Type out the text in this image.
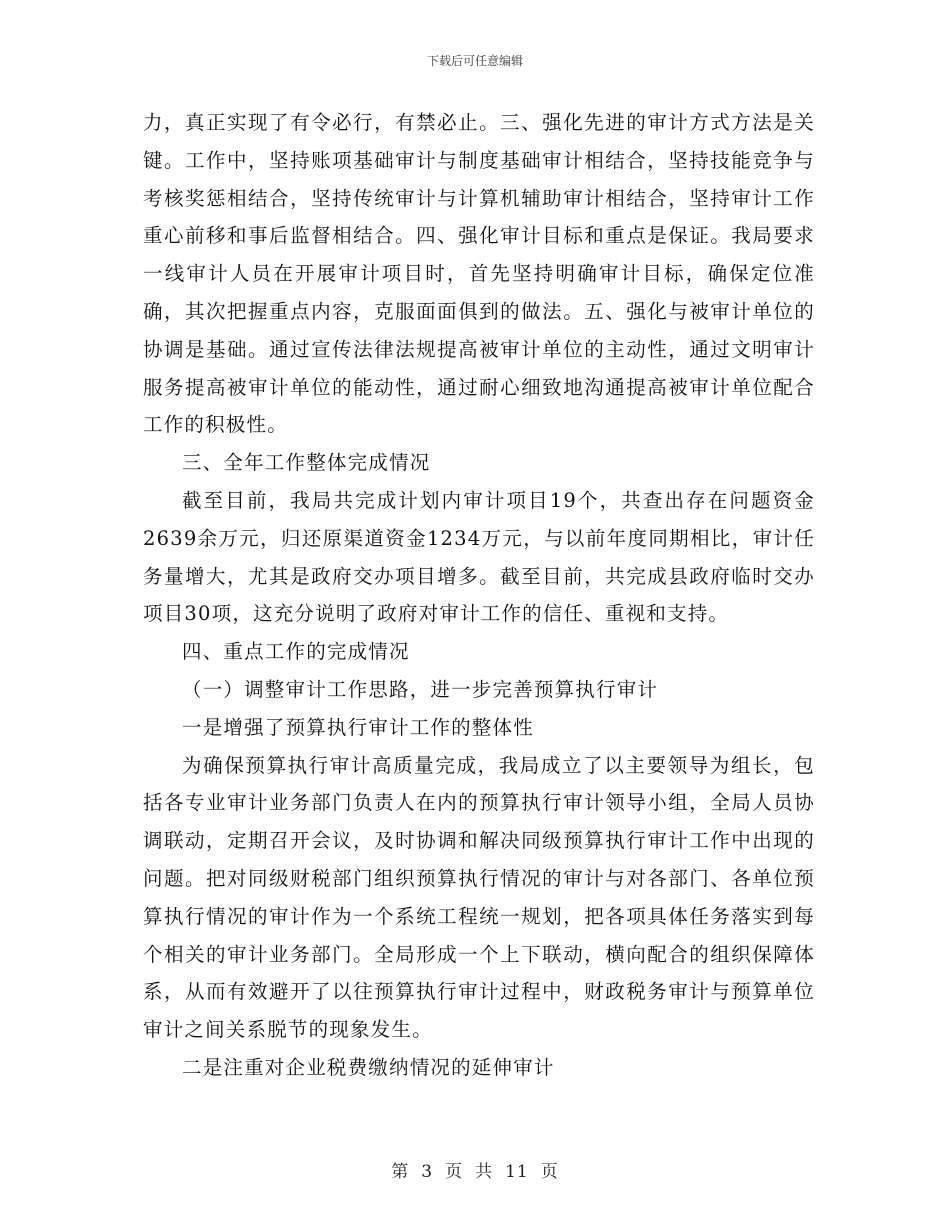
下载后可任意编辑

力，真正实现了有令必行，有禁必止。三、强化先进的审计方式方法是关键。工作中，坚持账项基础审计与制度基础审计相结合，坚持技能竞争与考核奖惩相结合，坚持传统审计与计算机辅助审计相结合，坚持审计工作重心前移和事后监督相结合。四、强化审计目标和重点是保证。我局要求一线审计人员在开展审计项目时，首先坚持明确审计目标，确保定位准确，其次把握重点内容，克服面面俱到的做法。五、强化与被审计单位的协调是基础。通过宣传法律法规提高被审计单位的主动性，通过文明审计服务提高被审计单位的能动性，通过耐心细致地沟通提高被审计单位配合工作的积极性。

三、全年工作整体完成情况

截至目前，我局共完成计划内审计项目19个，共查出存在问题资金2639余万元，归还原渠道资金1234万元，与以前年度同期相比，审计任务量增大，尤其是政府交办项目增多。截至目前，共完成县政府临时交办项目30项，这充分说明了政府对审计工作的信任、重视和支持。

四、重点工作的完成情况

（一）调整审计工作思路，进一步完善预算执行审计

一是增强了预算执行审计工作的整体性

为确保预算执行审计高质量完成，我局成立了以主要领导为组长，包括各专业审计业务部门负责人在内的预算执行审计领导小组，全局人员协调联动，定期召开会议，及时协调和解决同级预算执行审计工作中出现的问题。把对同级财税部门组织预算执行情况的审计与对各部门、各单位预算执行情况的审计作为一个系统工程统一规划，把各项具体任务落实到每个相关的审计业务部门。全局形成一个上下联动，横向配合的组织保障体系，从而有效避开了以往预算执行审计过程中，财政税务审计与预算单位审计之间关系脱节的现象发生。

二是注重对企业税费缴纳情况的延伸审计

第 3 页 共 11 页
